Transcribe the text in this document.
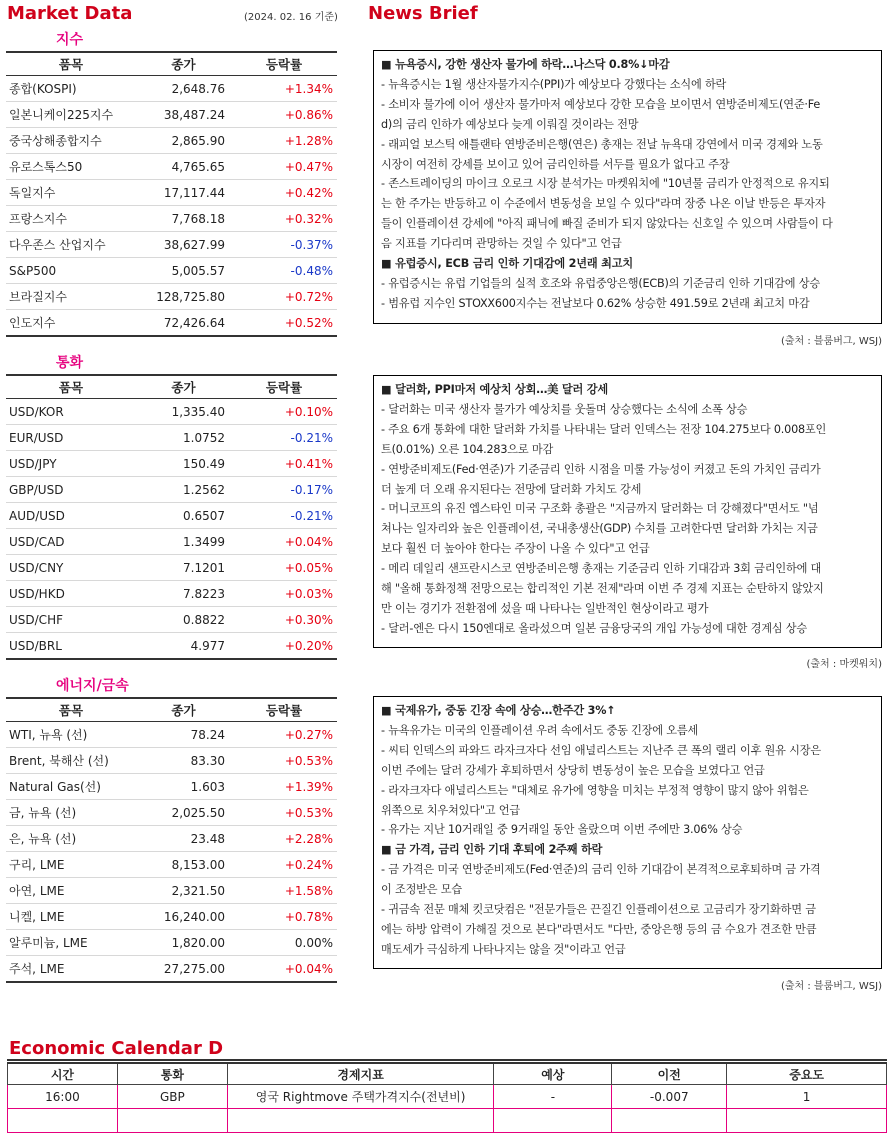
Market Data	(2024. 02. 16 기준) News Brief
지수
품목	종가	등락률
종합(KOSPI)	2,648.76	+1.34%
일본니케이225지수	38,487.24	+0.86%
중국상해종합지수	2,865.90	+1.28%
유로스톡스50	4,765.65	+0.47%
독일지수	17,117.44	+0.42%
프랑스지수	7,768.18	+0.32%
다우존스 산업지수	38,627.99	-0.37%
S&P500	5,005.57	-0.48%
브라질지수	128,725.80	+0.72%
인도지수	72,426.64	+0.52%
통화
품목	종가	등락률
USD/KOR	1,335.40	+0.10%
EUR/USD	1.0752	-0.21%
USD/JPY	150.49	+0.41%
GBP/USD	1.2562	-0.17%
AUD/USD	0.6507	-0.21%
USD/CAD	1.3499	+0.04%
USD/CNY	7.1201	+0.05%
USD/HKD	7.8223	+0.03%
USD/CHF	0.8822	+0.30%
USD/BRL	4.977	+0.20%
에너지/금속
품목	종가	등락률
WTI, 뉴욕 (선)	78.24	+0.27%
Brent, 북해산 (선)	83.30	+0.53%
Natural Gas(선)	1.603	+1.39%
금, 뉴욕 (선)	2,025.50	+0.53%
은, 뉴욕 (선)	23.48	+2.28%
구리, LME	8,153.00	+0.24%
아연, LME	2,321.50	+1.58%
니켈, LME	16,240.00	+0.78%
알루미늄, LME	1,820.00	0.00%
주석, LME	27,275.00	+0.04%
■ 뉴욕증시, 강한 생산자 물가에 하락…나스닥 0.8%↓마감
- 뉴욕증시는 1월 생산자물가지수(PPI)가 예상보다 강했다는 소식에 하락
- 소비자 물가에 이어 생산자 물가마저 예상보다 강한 모습을 보이면서 연방준비제도(연준·Fe
d)의 금리 인하가 예상보다 늦게 이뤄질 것이라는 전망
- 래피얼 보스틱 애틀랜타 연방준비은행(연은) 총재는 전날 뉴욕대 강연에서 미국 경제와 노동
시장이 여전히 강세를 보이고 있어 금리인하를 서두를 필요가 없다고 주장
- 존스트레이딩의 마이크 오로크 시장 분석가는 마켓워치에 "10년물 금리가 안정적으로 유지되
는 한 주가는 반등하고 이 수준에서 변동성을 보일 수 있다"라며 장중 나온 이날 반등은 투자자
들이 인플레이션 강세에 "아직 패닉에 빠질 준비가 되지 않았다는 신호일 수 있으며 사람들이 다
음 지표를 기다리며 관망하는 것일 수 있다"고 언급
■ 유럽증시, ECB 금리 인하 기대감에 2년래 최고치
- 유럽증시는 유럽 기업들의 실적 호조와 유럽중앙은행(ECB)의 기준금리 인하 기대감에 상승
- 범유럽 지수인 STOXX600지수는 전날보다 0.62% 상승한 491.59로 2년래 최고치 마감
(출처 : 블룸버그, WSJ)
■ 달러화, PPI마저 예상치 상회…美 달러 강세
- 달러화는 미국 생산자 물가가 예상치를 웃돌며 상승했다는 소식에 소폭 상승
- 주요 6개 통화에 대한 달러화 가치를 나타내는 달러 인덱스는 전장 104.275보다 0.008포인
트(0.01%) 오른 104.283으로 마감
- 연방준비제도(Fed·연준)가 기준금리 인하 시점을 미룰 가능성이 커졌고 돈의 가치인 금리가
더 높게 더 오래 유지된다는 전망에 달러화 가치도 강세
- 머니코프의 유진 엡스타인 미국 구조화 총괄은 "지금까지 달러화는 더 강해졌다"면서도 "넘
쳐나는 일자리와 높은 인플레이션, 국내총생산(GDP) 수치를 고려한다면 달러화 가치는 지금
보다 훨씬 더 높아야 한다는 주장이 나올 수 있다"고 언급
- 메리 데일리 샌프란시스코 연방준비은행 총재는 기준금리 인하 기대감과 3회 금리인하에 대
해 "올해 통화정책 전망으로는 합리적인 기본 전제"라며 이번 주 경제 지표는 순탄하지 않았지
만 이는 경기가 전환점에 섰을 때 나타나는 일반적인 현상이라고 평가
- 달러-엔은 다시 150엔대로 올라섰으며 일본 금융당국의 개입 가능성에 대한 경계심 상승
(출처 : 마켓워치)
■ 국제유가, 중동 긴장 속에 상승…한주간 3%↑
- 뉴욕유가는 미국의 인플레이션 우려 속에서도 중동 긴장에 오름세
- 씨티 인덱스의 파와드 라자크자다 선임 애널리스트는 지난주 큰 폭의 랠리 이후 원유 시장은
이번 주에는 달러 강세가 후퇴하면서 상당히 변동성이 높은 모습을 보였다고 언급
- 라자크자다 애널리스트는 "대체로 유가에 영향을 미치는 부정적 영향이 많지 않아 위험은
위쪽으로 치우쳐있다"고 언급
- 유가는 지난 10거래일 중 9거래일 동안 올랐으며 이번 주에만 3.06% 상승
■ 금 가격, 금리 인하 기대 후퇴에 2주째 하락
- 금 가격은 미국 연방준비제도(Fed·연준)의 금리 인하 기대감이 본격적으로후퇴하며 금 가격
이 조정받은 모습
- 귀금속 전문 매체 킷코닷컴은 "전문가들은 끈질긴 인플레이션으로 고금리가 장기화하면 금
에는 하방 압력이 가해질 것으로 본다"라면서도 "다만, 중앙은행 등의 금 수요가 견조한 만큼
매도세가 극심하게 나타나지는 않을 것"이라고 언급
(출처 : 블룸버그, WSJ)
Economic Calendar D
시간	통화	경제지표	예상	이전	중요도
16:00	GBP	영국 Rightmove 주택가격지수(전년비)	-	-0.007	1
